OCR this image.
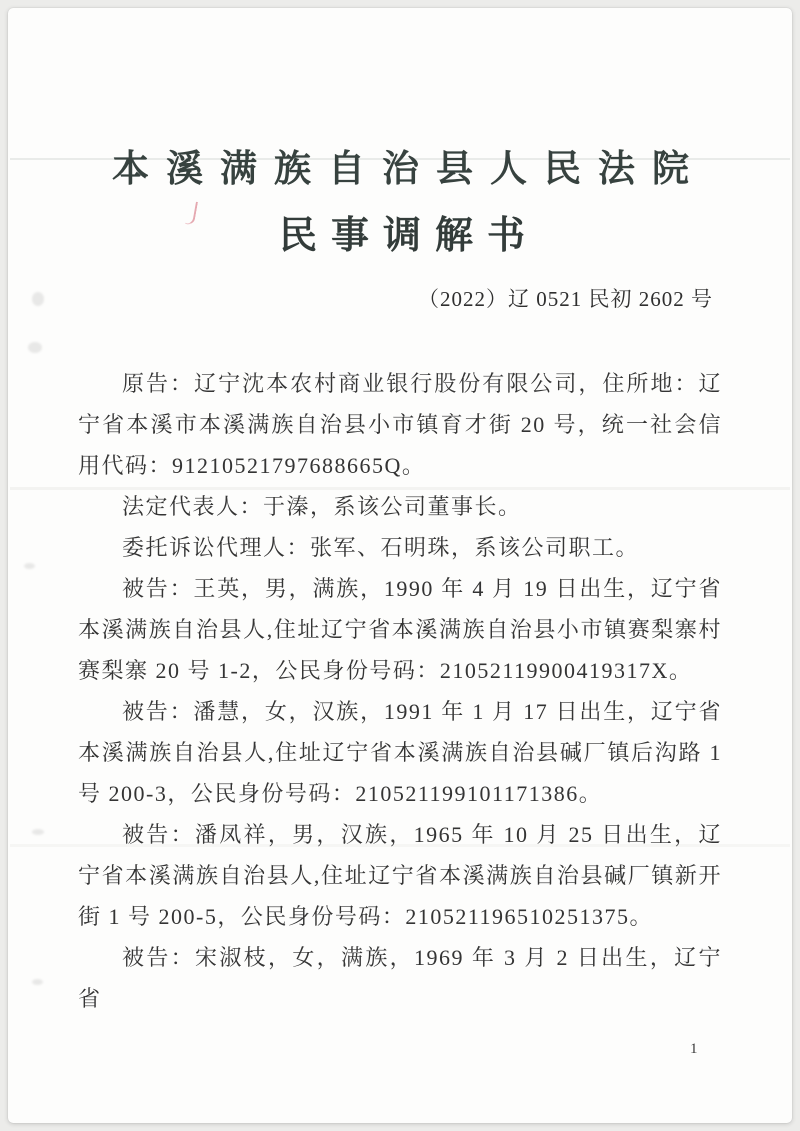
本溪满族自治县人民法院
民事调解书
（2022）辽 0521 民初 2602 号

原告：辽宁沈本农村商业银行股份有限公司，住所地：辽宁省本溪市本溪满族自治县小市镇育才街 20 号，统一社会信用代码：91210521797688665Q。

法定代表人：于溱，系该公司董事长。

委托诉讼代理人：张军、石明珠，系该公司职工。

被告：王英，男，满族，1990 年 4 月 19 日出生，辽宁省本溪满族自治县人,住址辽宁省本溪满族自治县小市镇赛梨寨村赛梨寨 20 号 1-2，公民身份号码：21052119900419317X。

被告：潘慧，女，汉族，1991 年 1 月 17 日出生，辽宁省本溪满族自治县人,住址辽宁省本溪满族自治县碱厂镇后沟路 1 号 200-3，公民身份号码：210521199101171386。

被告：潘凤祥，男，汉族，1965 年 10 月 25 日出生，辽宁省本溪满族自治县人,住址辽宁省本溪满族自治县碱厂镇新开街 1 号 200-5，公民身份号码：210521196510251375。

被告：宋淑枝，女，满族，1969 年 3 月 2 日出生，辽宁省

1
